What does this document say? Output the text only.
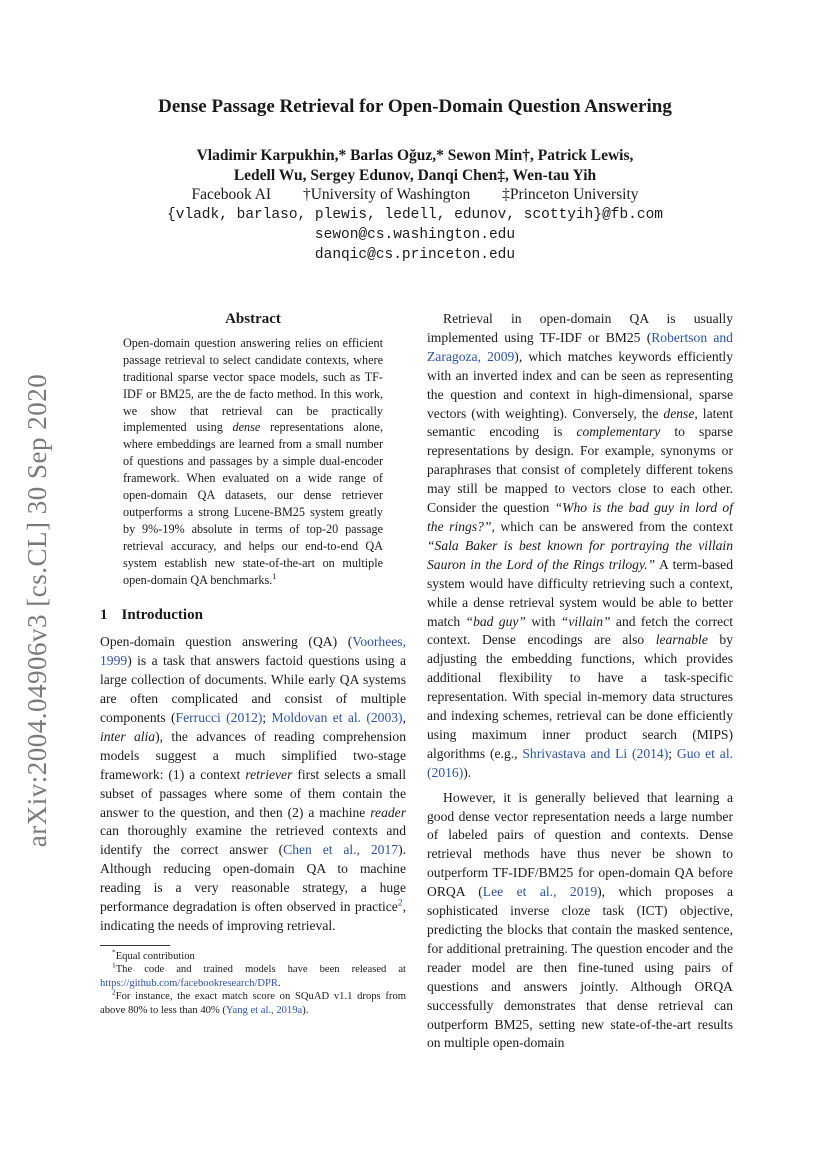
arXiv:2004.04906v3 [cs.CL] 30 Sep 2020
Dense Passage Retrieval for Open-Domain Question Answering
Vladimir Karpukhin,* Barlas Oğuz,* Sewon Min†, Patrick Lewis,
Ledell Wu, Sergey Edunov, Danqi Chen‡, Wen-tau Yih
Facebook AI †University of Washington ‡Princeton University
{vladk, barlaso, plewis, ledell, edunov, scottyih}@fb.com
sewon@cs.washington.edu
danqic@cs.princeton.edu
Abstract
Open-domain question answering relies on efficient passage retrieval to select candidate contexts, where traditional sparse vector space models, such as TF-IDF or BM25, are the de facto method. In this work, we show that retrieval can be practically implemented using dense representations alone, where embeddings are learned from a small number of questions and passages by a simple dual-encoder framework. When evaluated on a wide range of open-domain QA datasets, our dense retriever outperforms a strong Lucene-BM25 system greatly by 9%-19% absolute in terms of top-20 passage retrieval accuracy, and helps our end-to-end QA system establish new state-of-the-art on multiple open-domain QA benchmarks.$^1$
1 Introduction

Open-domain question answering (QA) (Voorhees, 1999) is a task that answers factoid questions using a large collection of documents. While early QA systems are often complicated and consist of multiple components (Ferrucci (2012); Moldovan et al. (2003), inter alia), the advances of reading comprehension models suggest a much simplified two-stage framework: (1) a context retriever first selects a small subset of passages where some of them contain the answer to the question, and then (2) a machine reader can thoroughly examine the retrieved contexts and identify the correct answer (Chen et al., 2017). Although reducing open-domain QA to machine reading is a very reasonable strategy, a huge performance degradation is often observed in practice$^2$, indicating the needs of improving retrieval.

*Equal contribution

$^1$The code and trained models have been released at https://github.com/facebookresearch/DPR.

$^2$For instance, the exact match score on SQuAD v1.1 drops from above 80% to less than 40% (Yang et al., 2019a).

Retrieval in open-domain QA is usually implemented using TF-IDF or BM25 (Robertson and Zaragoza, 2009), which matches keywords efficiently with an inverted index and can be seen as representing the question and context in high-dimensional, sparse vectors (with weighting). Conversely, the dense, latent semantic encoding is complementary to sparse representations by design. For example, synonyms or paraphrases that consist of completely different tokens may still be mapped to vectors close to each other. Consider the question “Who is the bad guy in lord of the rings?”, which can be answered from the context “Sala Baker is best known for portraying the villain Sauron in the Lord of the Rings trilogy.” A term-based system would have difficulty retrieving such a context, while a dense retrieval system would be able to better match “bad guy” with “villain” and fetch the correct context. Dense encodings are also learnable by adjusting the embedding functions, which provides additional flexibility to have a task-specific representation. With special in-memory data structures and indexing schemes, retrieval can be done efficiently using maximum inner product search (MIPS) algorithms (e.g., Shrivastava and Li (2014); Guo et al. (2016)).

However, it is generally believed that learning a good dense vector representation needs a large number of labeled pairs of question and contexts. Dense retrieval methods have thus never be shown to outperform TF-IDF/BM25 for open-domain QA before ORQA (Lee et al., 2019), which proposes a sophisticated inverse cloze task (ICT) objective, predicting the blocks that contain the masked sentence, for additional pretraining. The question encoder and the reader model are then fine-tuned using pairs of questions and answers jointly. Although ORQA successfully demonstrates that dense retrieval can outperform BM25, setting new state-of-the-art results on multiple open-domain
